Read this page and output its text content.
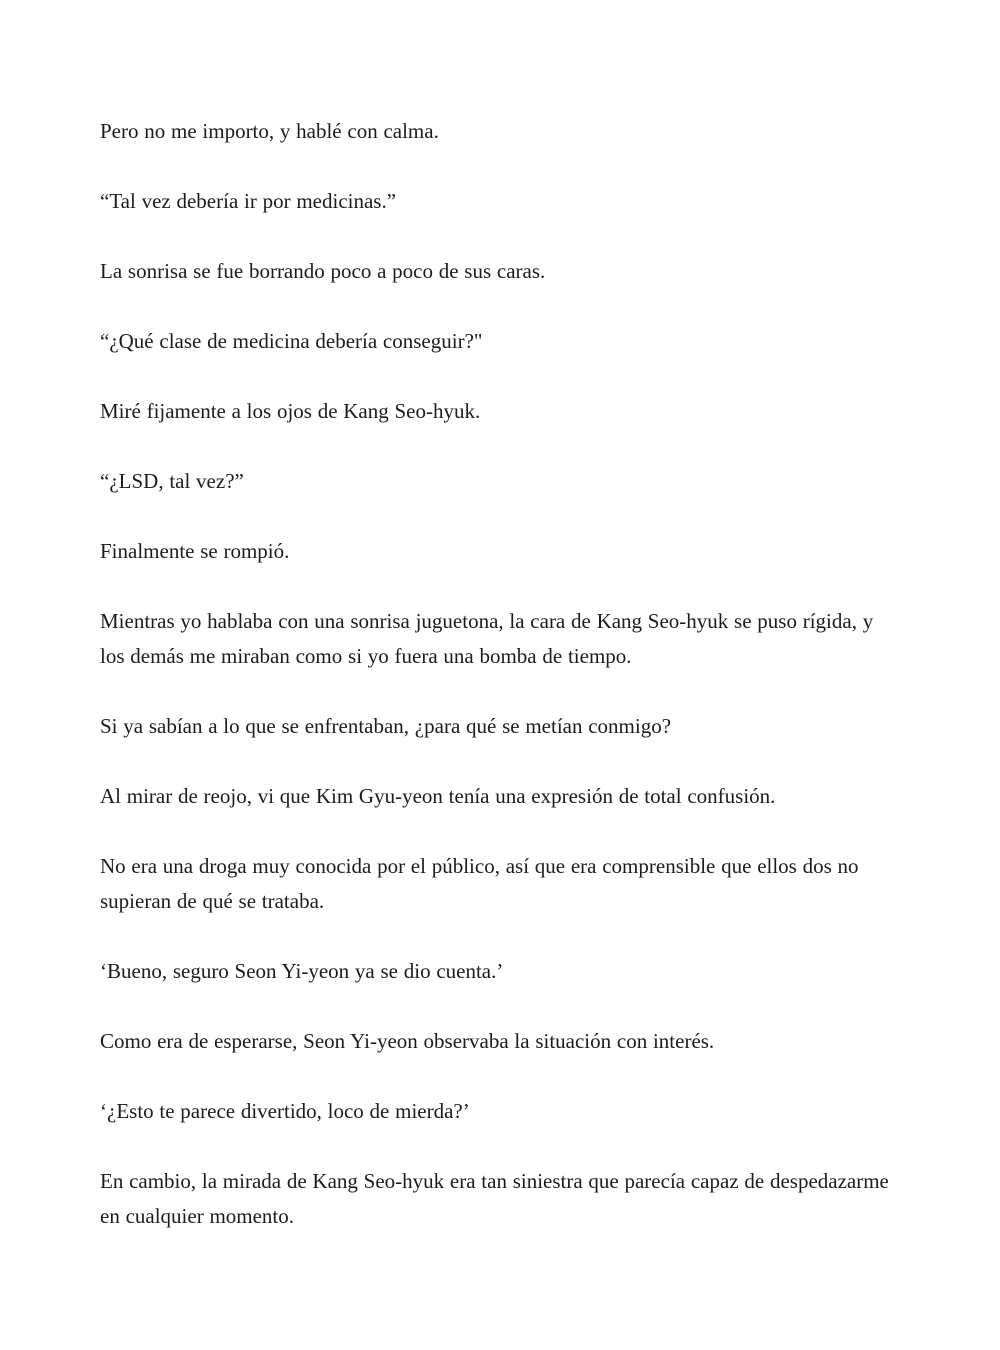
Pero no me importo, y hablé con calma.

“Tal vez debería ir por medicinas.”

La sonrisa se fue borrando poco a poco de sus caras.

“¿Qué clase de medicina debería conseguir?"

Miré fijamente a los ojos de Kang Seo-hyuk.

“¿LSD, tal vez?”

Finalmente se rompió.

Mientras yo hablaba con una sonrisa juguetona, la cara de Kang Seo-hyuk se puso rígida, y los demás me miraban como si yo fuera una bomba de tiempo.

Si ya sabían a lo que se enfrentaban, ¿para qué se metían conmigo?

Al mirar de reojo, vi que Kim Gyu-yeon tenía una expresión de total confusión.

No era una droga muy conocida por el público, así que era comprensible que ellos dos no supieran de qué se trataba.

‘Bueno, seguro Seon Yi-yeon ya se dio cuenta.’

Como era de esperarse, Seon Yi-yeon observaba la situación con interés.

‘¿Esto te parece divertido, loco de mierda?’

En cambio, la mirada de Kang Seo-hyuk era tan siniestra que parecía capaz de despedazarme en cualquier momento.
